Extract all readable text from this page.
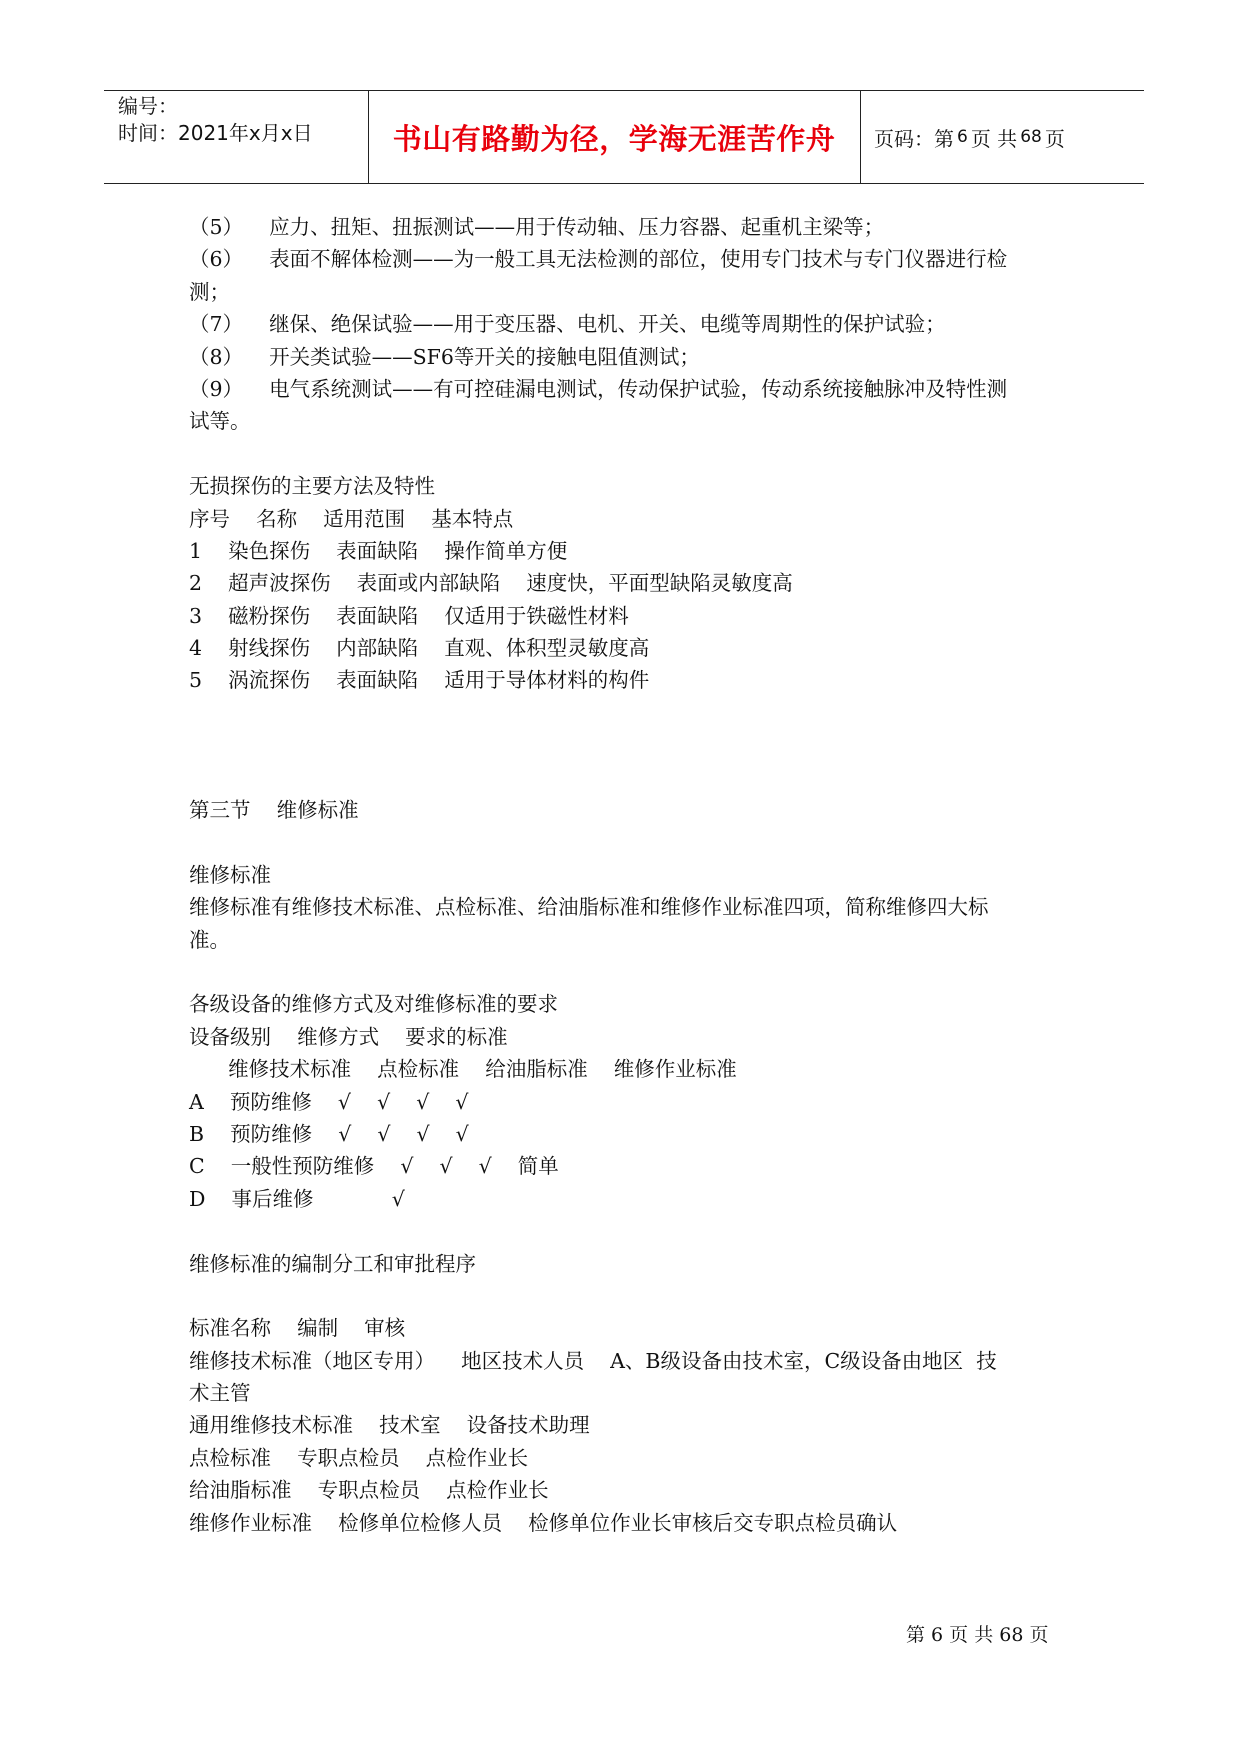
编号：
时间：2021年x月x日	书山有路勤为径，学海无涯苦作舟	页码：第 6 页 共 68 页
（5）    应力、扭矩、扭振测试——用于传动轴、压力容器、起重机主梁等；
（6）    表面不解体检测——为一般工具无法检测的部位，使用专门技术与专门仪器进行检
测；
（7）    继保、绝保试验——用于变压器、电机、开关、电缆等周期性的保护试验；
（8）    开关类试验——SF6等开关的接触电阻值测试；
（9）    电气系统测试——有可控硅漏电测试，传动保护试验，传动系统接触脉冲及特性测
试等。
无损探伤的主要方法及特性
序号    名称    适用范围    基本特点
1    染色探伤    表面缺陷    操作简单方便
2    超声波探伤    表面或内部缺陷    速度快，平面型缺陷灵敏度高
3    磁粉探伤    表面缺陷    仅适用于铁磁性材料
4    射线探伤    内部缺陷    直观、体积型灵敏度高
5    涡流探伤    表面缺陷    适用于导体材料的构件
第三节    维修标准
维修标准
维修标准有维修技术标准、点检标准、给油脂标准和维修作业标准四项，简称维修四大标
准。
各级设备的维修方式及对维修标准的要求
设备级别    维修方式    要求的标准
维修技术标准    点检标准    给油脂标准    维修作业标准
A    预防维修    √    √    √    √
B    预防维修    √    √    √    √
C    一般性预防维修    √    √    √    简单
D    事后维修            √
维修标准的编制分工和审批程序
标准名称    编制    审核
维修技术标准（地区专用）    地区技术人员    A、B级设备由技术室，C级设备由地区  技
术主管
通用维修技术标准    技术室    设备技术助理
点检标准    专职点检员    点检作业长
给油脂标准    专职点检员    点检作业长
维修作业标准    检修单位检修人员    检修单位作业长审核后交专职点检员确认
第 6 页 共 68 页
